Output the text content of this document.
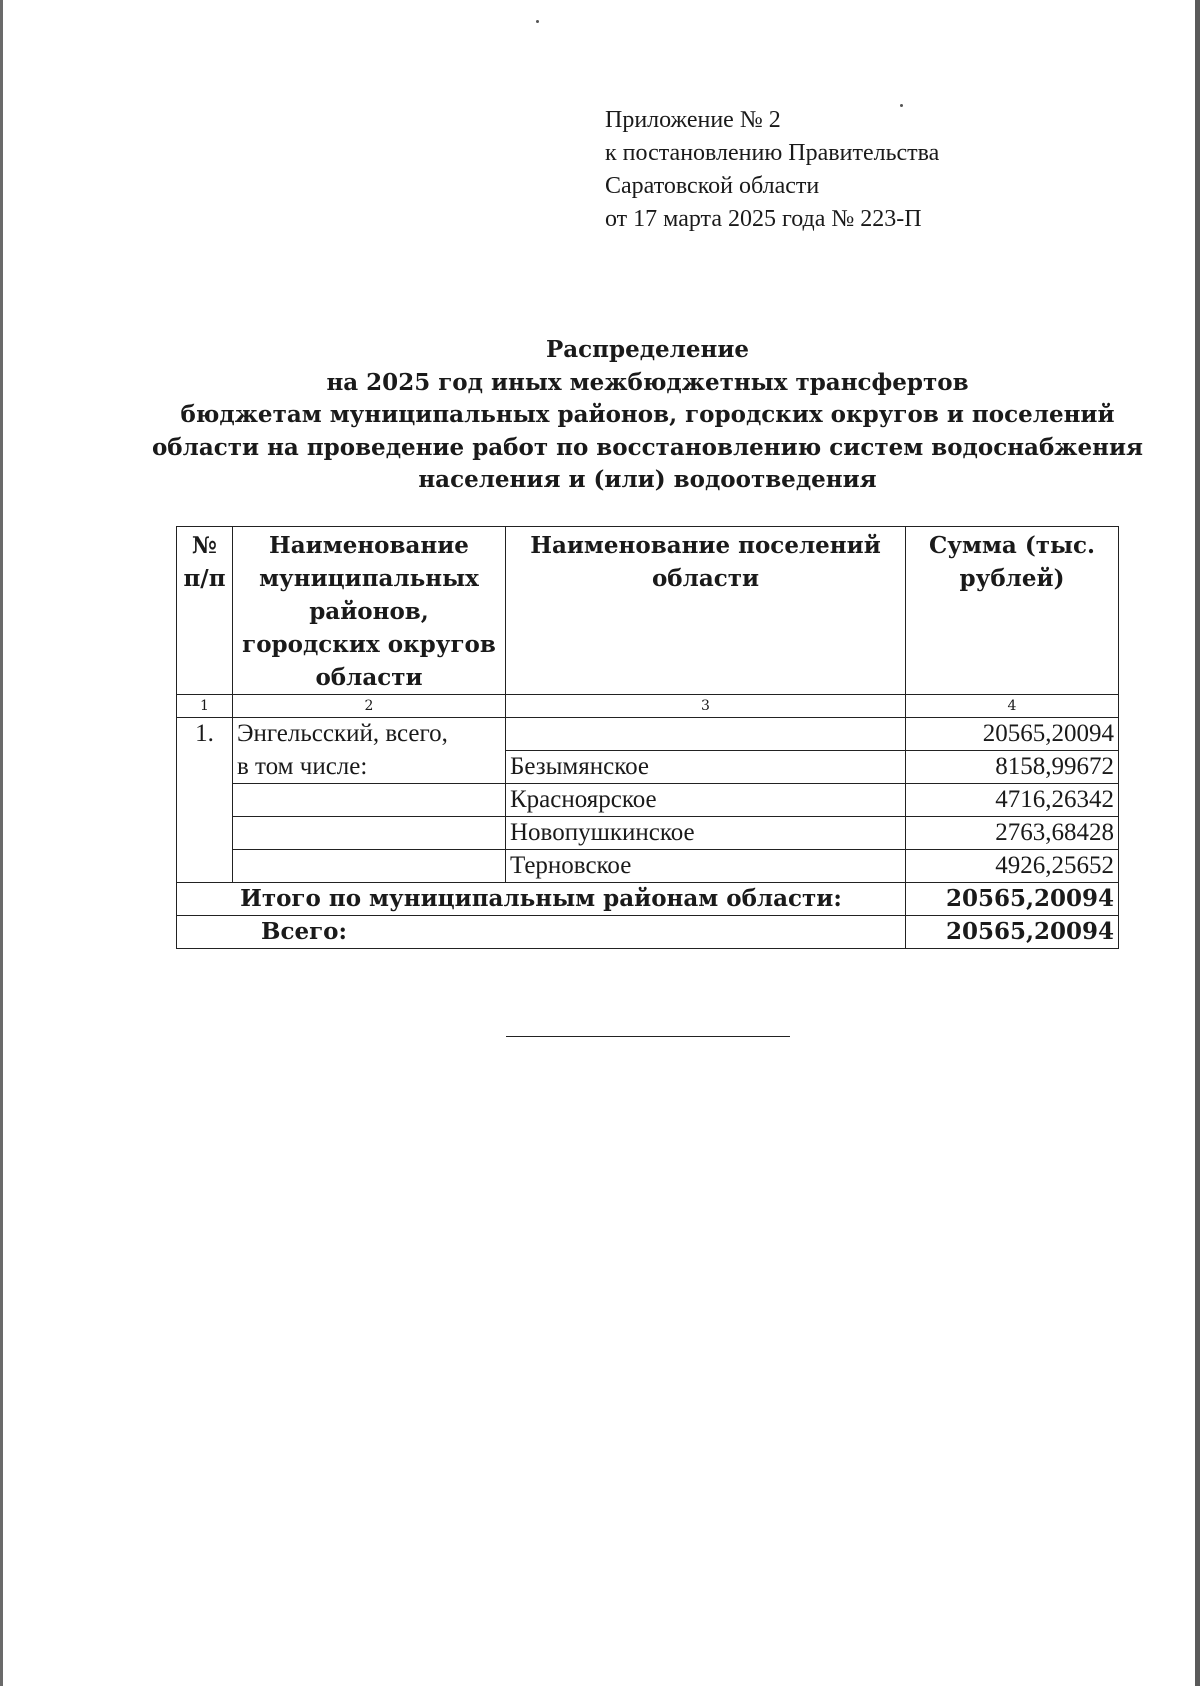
Приложение № 2
к постановлению Правительства
Саратовской области
от 17 марта 2025 года № 223-П
Распределение
на 2025 год иных межбюджетных трансфертов
бюджетам муниципальных районов, городских округов и поселений
области на проведение работ по восстановлению систем водоснабжения
населения и (или) водоотведения
№ п/п	Наименование муниципальных районов, городских округов области	Наименование поселений области	Сумма (тыс. рублей)
1	2	3	4
1.	Энгельсский, всего,		20565,20094
	в том числе:	Безымянское	8158,99672
		Красноярское	4716,26342
		Новопушкинское	2763,68428
		Терновское	4926,25652
Итого по муниципальным районам области:			20565,20094
Всего:			20565,20094
